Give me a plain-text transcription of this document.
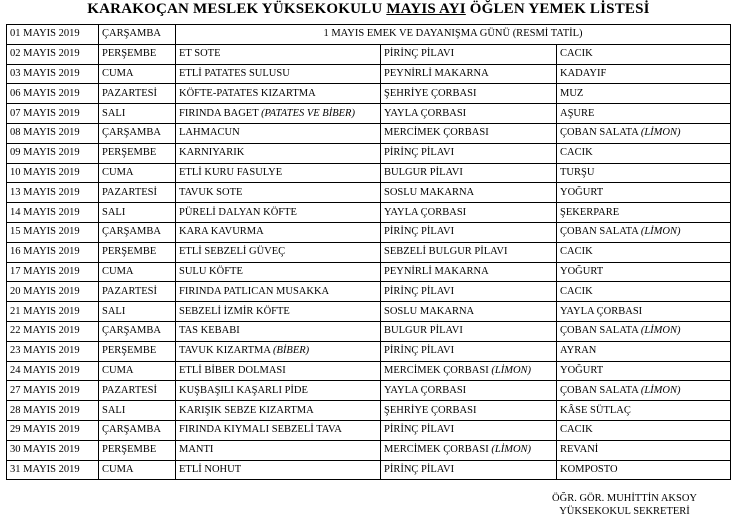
KARAKOÇAN MESLEK YÜKSEKOKULU MAYIS AYI ÖĞLEN YEMEK LİSTESİ
01 MAYIS 2019	ÇARŞAMBA	1 MAYIS EMEK VE DAYANIŞMA GÜNÜ (RESMİ TATİL)		
02 MAYIS 2019	PERŞEMBE	ET SOTE	PİRİNÇ PİLAVI	CACIK
03 MAYIS 2019	CUMA	ETLİ PATATES SULUSU	PEYNİRLİ MAKARNA	KADAYIF
06 MAYIS 2019	PAZARTESİ	KÖFTE-PATATES KIZARTMA	ŞEHRİYE ÇORBASI	MUZ
07 MAYIS 2019	SALI	FIRINDA BAGET (PATATES VE BİBER)	YAYLA ÇORBASI	AŞURE
08 MAYIS 2019	ÇARŞAMBA	LAHMACUN	MERCİMEK ÇORBASI	ÇOBAN SALATA (LİMON)
09 MAYIS 2019	PERŞEMBE	KARNIYARIK	PİRİNÇ PİLAVI	CACIK
10 MAYIS 2019	CUMA	ETLİ KURU FASULYE	BULGUR PİLAVI	TURŞU
13 MAYIS 2019	PAZARTESİ	TAVUK SOTE	SOSLU MAKARNA	YOĞURT
14 MAYIS 2019	SALI	PÜRELİ DALYAN KÖFTE	YAYLA ÇORBASI	ŞEKERPARE
15 MAYIS 2019	ÇARŞAMBA	KARA KAVURMA	PİRİNÇ PİLAVI	ÇOBAN SALATA (LİMON)
16 MAYIS 2019	PERŞEMBE	ETLİ SEBZELİ GÜVEÇ	SEBZELİ BULGUR PİLAVI	CACIK
17 MAYIS 2019	CUMA	SULU KÖFTE	PEYNİRLİ MAKARNA	YOĞURT
20 MAYIS 2019	PAZARTESİ	FIRINDA PATLICAN MUSAKKA	PİRİNÇ PİLAVI	CACIK
21 MAYIS 2019	SALI	SEBZELİ İZMİR KÖFTE	SOSLU MAKARNA	YAYLA ÇORBASI
22 MAYIS 2019	ÇARŞAMBA	TAS KEBABI	BULGUR PİLAVI	ÇOBAN SALATA (LİMON)
23 MAYIS 2019	PERŞEMBE	TAVUK KIZARTMA (BİBER)	PİRİNÇ PİLAVI	AYRAN
24 MAYIS 2019	CUMA	ETLİ BİBER DOLMASI	MERCİMEK ÇORBASI (LİMON)	YOĞURT
27 MAYIS 2019	PAZARTESİ	KUŞBAŞILI KAŞARLI PİDE	YAYLA ÇORBASI	ÇOBAN SALATA (LİMON)
28 MAYIS 2019	SALI	KARIŞIK SEBZE KIZARTMA	ŞEHRİYE ÇORBASI	KÂSE SÜTLAÇ
29 MAYIS 2019	ÇARŞAMBA	FIRINDA KIYMALI SEBZELİ TAVA	PİRİNÇ PİLAVI	CACIK
30 MAYIS 2019	PERŞEMBE	MANTI	MERCİMEK ÇORBASI (LİMON)	REVANİ
31 MAYIS 2019	CUMA	ETLİ NOHUT	PİRİNÇ PİLAVI	KOMPOSTO
ÖĞR. GÖR. MUHİTTİN AKSOY
YÜKSEKOKUL SEKRETERİ
